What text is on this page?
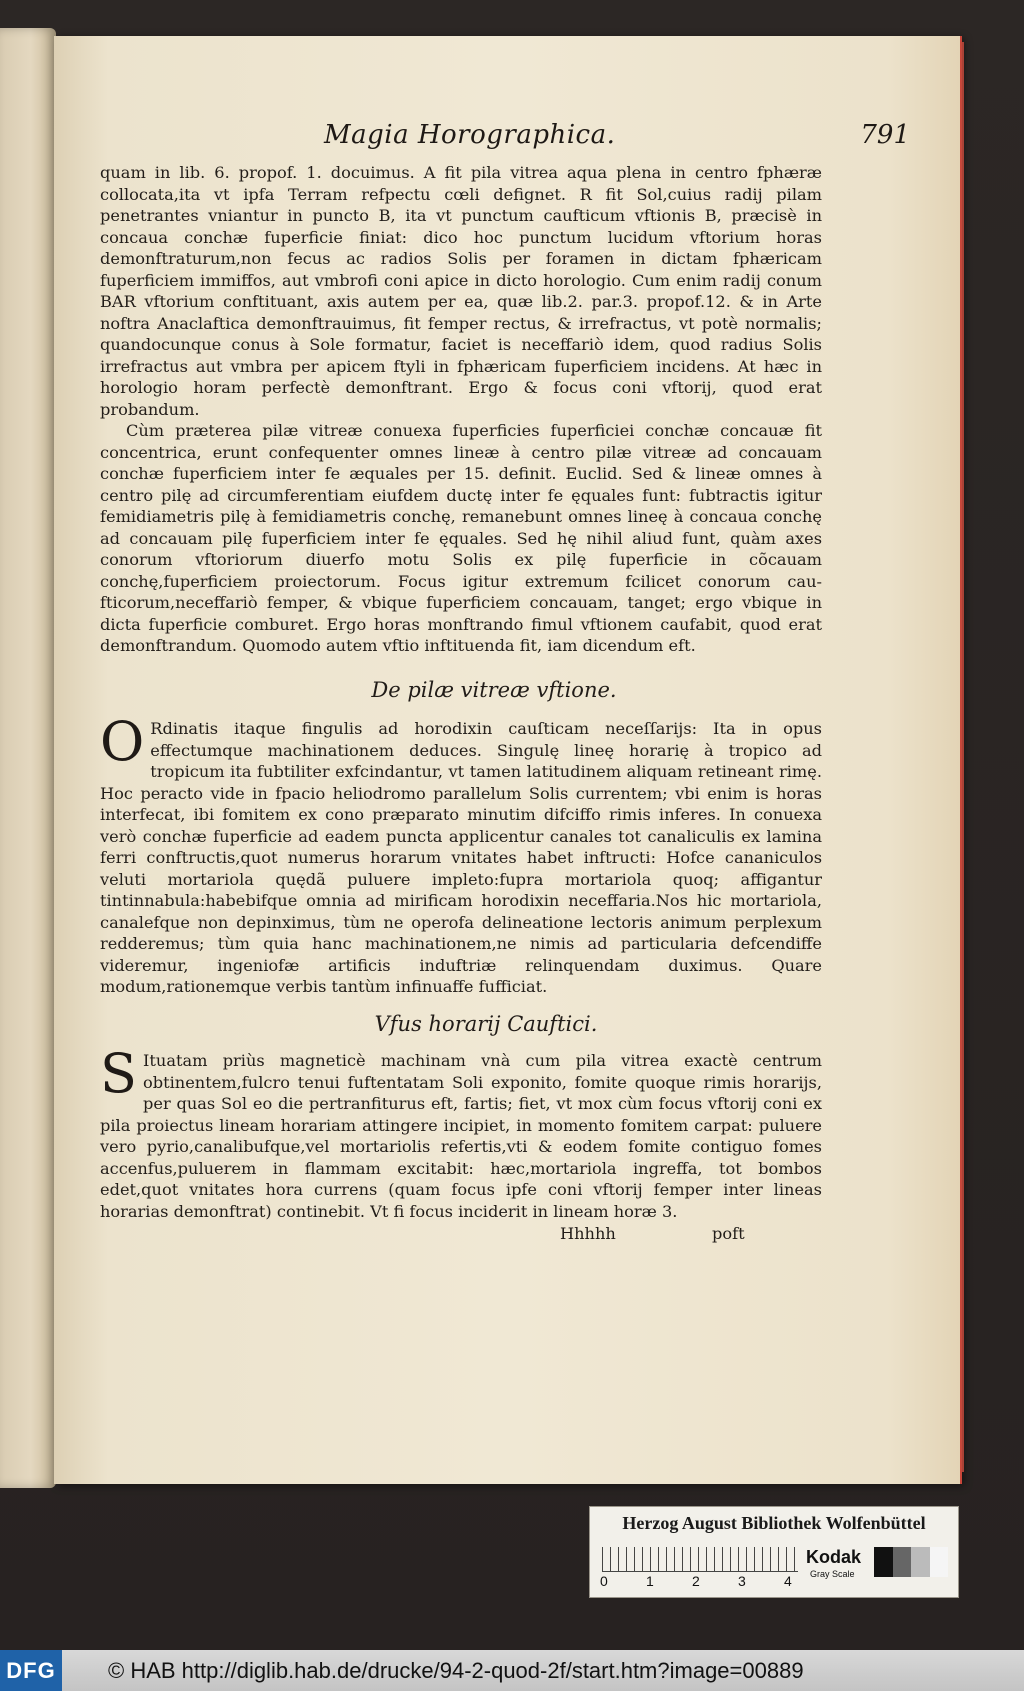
Magia Horographica.	791

quam in lib. 6. propof. 1. docuimus. A fit pila vitrea aqua plena in centro fphæræ collocata,ita vt ipfa Terram refpectu cœli defignet. R fit Sol,cuius radij pilam penetrantes vniantur in puncto B, ita vt punctum caufticum vftionis B, præcisè in concaua conchæ fuperficie finiat: dico hoc punctum lucidum vftorium horas demonftraturum,non fecus ac radios Solis per foramen in dictam fphæricam fuperficiem immiffos, aut vmbrofi coni apice in dicto horologio. Cum enim radij conum BAR vftorium conftituant, axis autem per ea, quæ lib.2. par.3. propof.12. & in Arte noftra Anaclaftica demonftrauimus, fit femper rectus, & irrefractus, vt potè normalis; quandocunque conus à Sole formatur, faciet is neceffariò idem, quod radius Solis irrefractus aut vmbra per apicem ftyli in fphæricam fuperficiem incidens. At hæc in horologio horam perfectè demonftrant. Ergo & focus coni vftorij, quod erat probandum.

Cùm præterea pilæ vitreæ conuexa fuperficies fuperficiei conchæ concauæ fit concentrica, erunt confequenter omnes lineæ à centro pilæ vitreæ ad concauam conchæ fuperficiem inter fe æquales per 15. definit. Euclid. Sed & lineæ omnes à centro pilę ad circumferentiam eiufdem ductę inter fe ęquales funt: fubtractis igitur femidiametris pilę à femidiametris conchę, remanebunt omnes lineę à concaua conchę ad concauam pilę fuperficiem inter fe ęquales. Sed hę nihil aliud funt, quàm axes conorum vftoriorum diuerfo motu Solis ex pilę fuperficie in cõcauam conchę,fuperficiem proiectorum. Focus igitur extremum fcilicet conorum caufticorum,neceffariò femper, & vbique fuperficiem concauam, tanget; ergo vbique in dicta fuperficie comburet. Ergo horas monftrando fimul vftionem caufabit, quod erat demonftrandum. Quomodo autem vftio inftituenda fit, iam dicendum eft.

De pilæ vitreæ vftione.

O Rdinatis itaque fingulis ad horodixin cauſticam neceſſarijs: Ita in opus effectumque machinationem deduces. Singulę lineę horarię à tropico ad tropicum ita fubtiliter exfcindantur, vt tamen latitudinem aliquam retineant rimę. Hoc peracto vide in fpacio heliodromo parallelum Solis currentem; vbi enim is horas interfecat, ibi fomitem ex cono præparato minutim difciffo rimis inferes. In conuexa verò conchæ fuperficie ad eadem puncta applicentur canales tot canaliculis ex lamina ferri conftructis,quot numerus horarum vnitates habet inftructi: Hofce cananiculos veluti mortariola quędã puluere impleto:fupra mortariola quoq; affigantur tintinnabula:habebifque omnia ad mirificam horodixin neceffaria.Nos hic mortariola, canalefque non depinximus, tùm ne operofa delineatione lectoris animum perplexum redderemus; tùm quia hanc machinationem,ne nimis ad particularia defcendiffe videremur, ingeniofæ artificis induftriæ relinquendam duximus. Quare modum,rationemque verbis tantùm infinuaffe fufficiat.

Vfus horarij Cauftici.

S Ituatam priùs magneticè machinam vnà cum pila vitrea exactè centrum obtinentem,fulcro tenui fuftentatam Soli exponito, fomite quoque rimis horarijs, per quas Sol eo die pertranfiturus eft, fartis; fiet, vt mox cùm focus vftorij coni ex pila proiectus lineam horariam attingere incipiet, in momento fomitem carpat: puluere vero pyrio,canalibufque,vel mortariolis refertis,vti & eodem fomite contiguo fomes accenfus,puluerem in flammam excitabit: hæc,mortariola ingreffa, tot bombos edet,quot vnitates hora currens (quam focus ipfe coni vftorij femper inter lineas horarias demonftrat) continebit. Vt fi focus inciderit in lineam horæ 3.

Hhhhh	poft
Herzog August Bibliothek Wolfenbüttel
0	1	2	3	4
Kodak
Gray Scale
DFG © HAB http://diglib.hab.de/drucke/94-2-quod-2f/start.htm?image=00889
